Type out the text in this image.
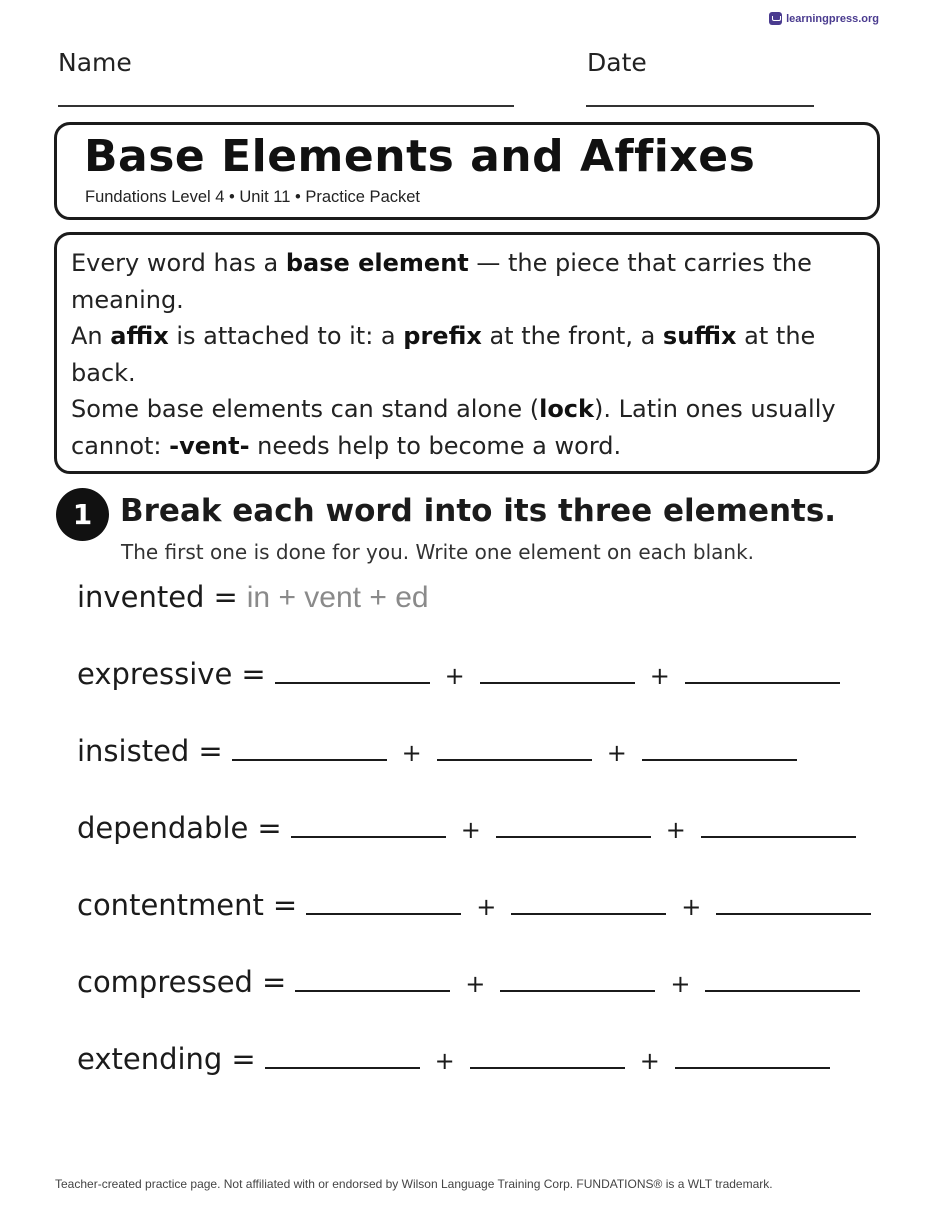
learningpress.org
Name	Date
Base Elements and Affixes
Fundations Level 4 • Unit 11 • Practice Packet
Every word has a base element — the piece that carries the
meaning.
An affix is attached to it: a prefix at the front, a suffix at the
back.
Some base elements can stand alone (lock). Latin ones usually
cannot: -vent- needs help to become a word.
1 Break each word into its three elements.
The first one is done for you. Write one element on each blank.
invented = in + vent + ed
expressive =	+	+
insisted =	+	+
dependable =	+	+
contentment =	+	+
compressed =	+	+
extending =	+	+
Teacher-created practice page. Not affiliated with or endorsed by Wilson Language Training Corp. FUNDATIONS® is a WLT trademark.
